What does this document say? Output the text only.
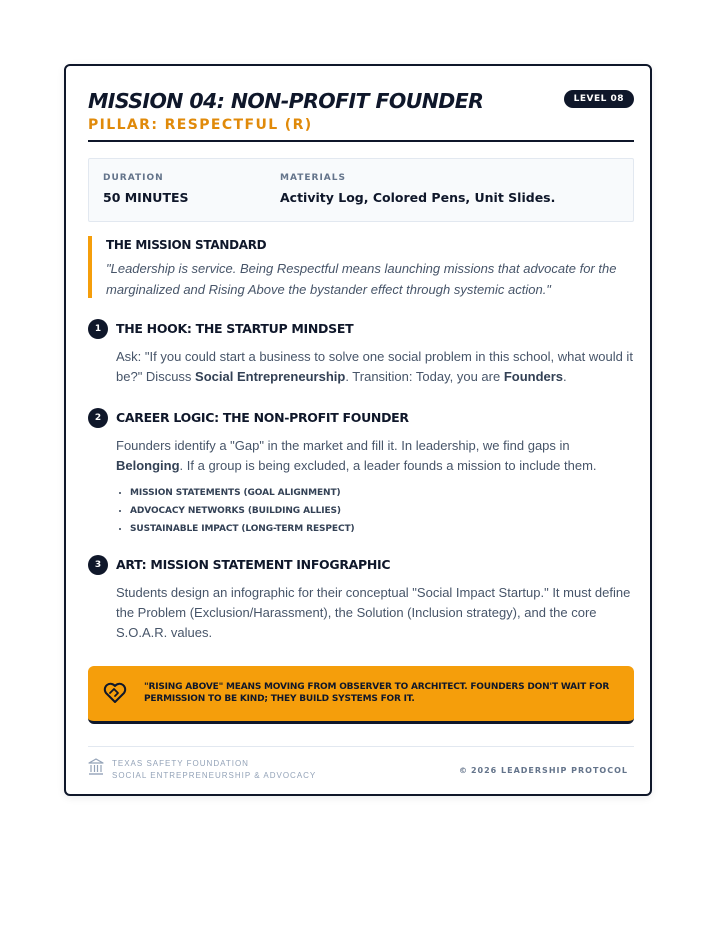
MISSION 04: NON-PROFIT FOUNDER
PILLAR: RESPECTFUL (R)
LEVEL 08
DURATION
50 MINUTES
MATERIALS
Activity Log, Colored Pens, Unit Slides.
THE MISSION STANDARD
"Leadership is service. Being Respectful means launching missions that advocate for the marginalized and Rising Above the bystander effect through systemic action."
1	THE HOOK: THE STARTUP MINDSET
Ask: "If you could start a business to solve one social problem in this school, what would it be?" Discuss Social Entrepreneurship. Transition: Today, you are Founders.
2	CAREER LOGIC: THE NON-PROFIT FOUNDER
Founders identify a "Gap" in the market and fill it. In leadership, we find gaps in Belonging. If a group is being excluded, a leader founds a mission to include them.
• MISSION STATEMENTS (GOAL ALIGNMENT)
• ADVOCACY NETWORKS (BUILDING ALLIES)
• SUSTAINABLE IMPACT (LONG-TERM RESPECT)
3	ART: MISSION STATEMENT INFOGRAPHIC
Students design an infographic for their conceptual "Social Impact Startup." It must define the Problem (Exclusion/Harassment), the Solution (Inclusion strategy), and the core S.O.A.R. values.
"RISING ABOVE" MEANS MOVING FROM OBSERVER TO ARCHITECT. FOUNDERS DON'T WAIT FOR PERMISSION TO BE KIND; THEY BUILD SYSTEMS FOR IT.
TEXAS SAFETY FOUNDATION
SOCIAL ENTREPRENEURSHIP & ADVOCACY
© 2026 LEADERSHIP PROTOCOL
